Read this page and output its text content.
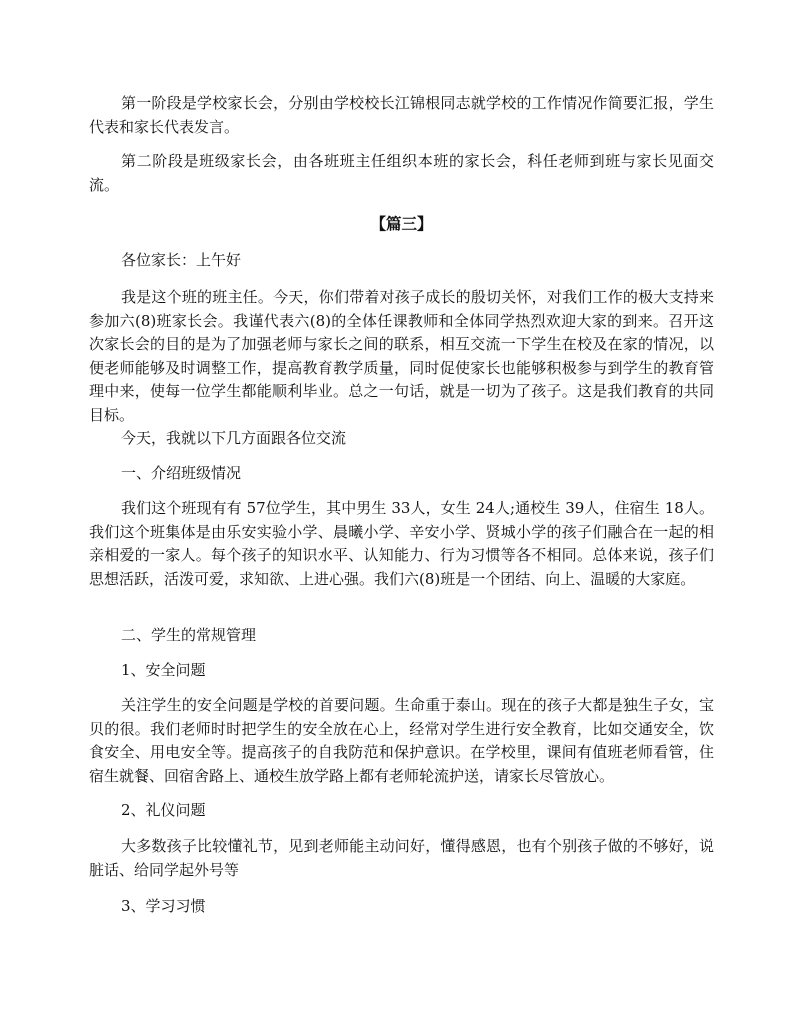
第一阶段是学校家长会，分别由学校校长江锦根同志就学校的工作情况作简要汇报，学生代表和家长代表发言。

第二阶段是班级家长会，由各班班主任组织本班的家长会，科任老师到班与家长见面交流。

【篇三】

各位家长：上午好

我是这个班的班主任。今天，你们带着对孩子成长的殷切关怀，对我们工作的极大支持来参加六(8)班家长会。我谨代表六(8)的全体任课教师和全体同学热烈欢迎大家的到来。召开这次家长会的目的是为了加强老师与家长之间的联系，相互交流一下学生在校及在家的情况，以便老师能够及时调整工作，提高教育教学质量，同时促使家长也能够积极参与到学生的教育管理中来，使每一位学生都能顺利毕业。总之一句话，就是一切为了孩子。这是我们教育的共同目标。

今天，我就以下几方面跟各位交流

一、介绍班级情况

我们这个班现有有 57位学生，其中男生 33人，女生 24人;通校生 39人，住宿生 18人。我们这个班集体是由乐安实验小学、晨曦小学、辛安小学、贤城小学的孩子们融合在一起的相亲相爱的一家人。每个孩子的知识水平、认知能力、行为习惯等各不相同。总体来说，孩子们思想活跃，活泼可爱，求知欲、上进心强。我们六(8)班是一个团结、向上、温暖的大家庭。

二、学生的常规管理

1、安全问题

关注学生的安全问题是学校的首要问题。生命重于泰山。现在的孩子大都是独生子女，宝贝的很。我们老师时时把学生的安全放在心上，经常对学生进行安全教育，比如交通安全，饮食安全、用电安全等。提高孩子的自我防范和保护意识。在学校里，课间有值班老师看管，住宿生就餐、回宿舍路上、通校生放学路上都有老师轮流护送，请家长尽管放心。

2、礼仪问题

大多数孩子比较懂礼节，见到老师能主动问好，懂得感恩，也有个别孩子做的不够好，说脏话、给同学起外号等

3、学习习惯
